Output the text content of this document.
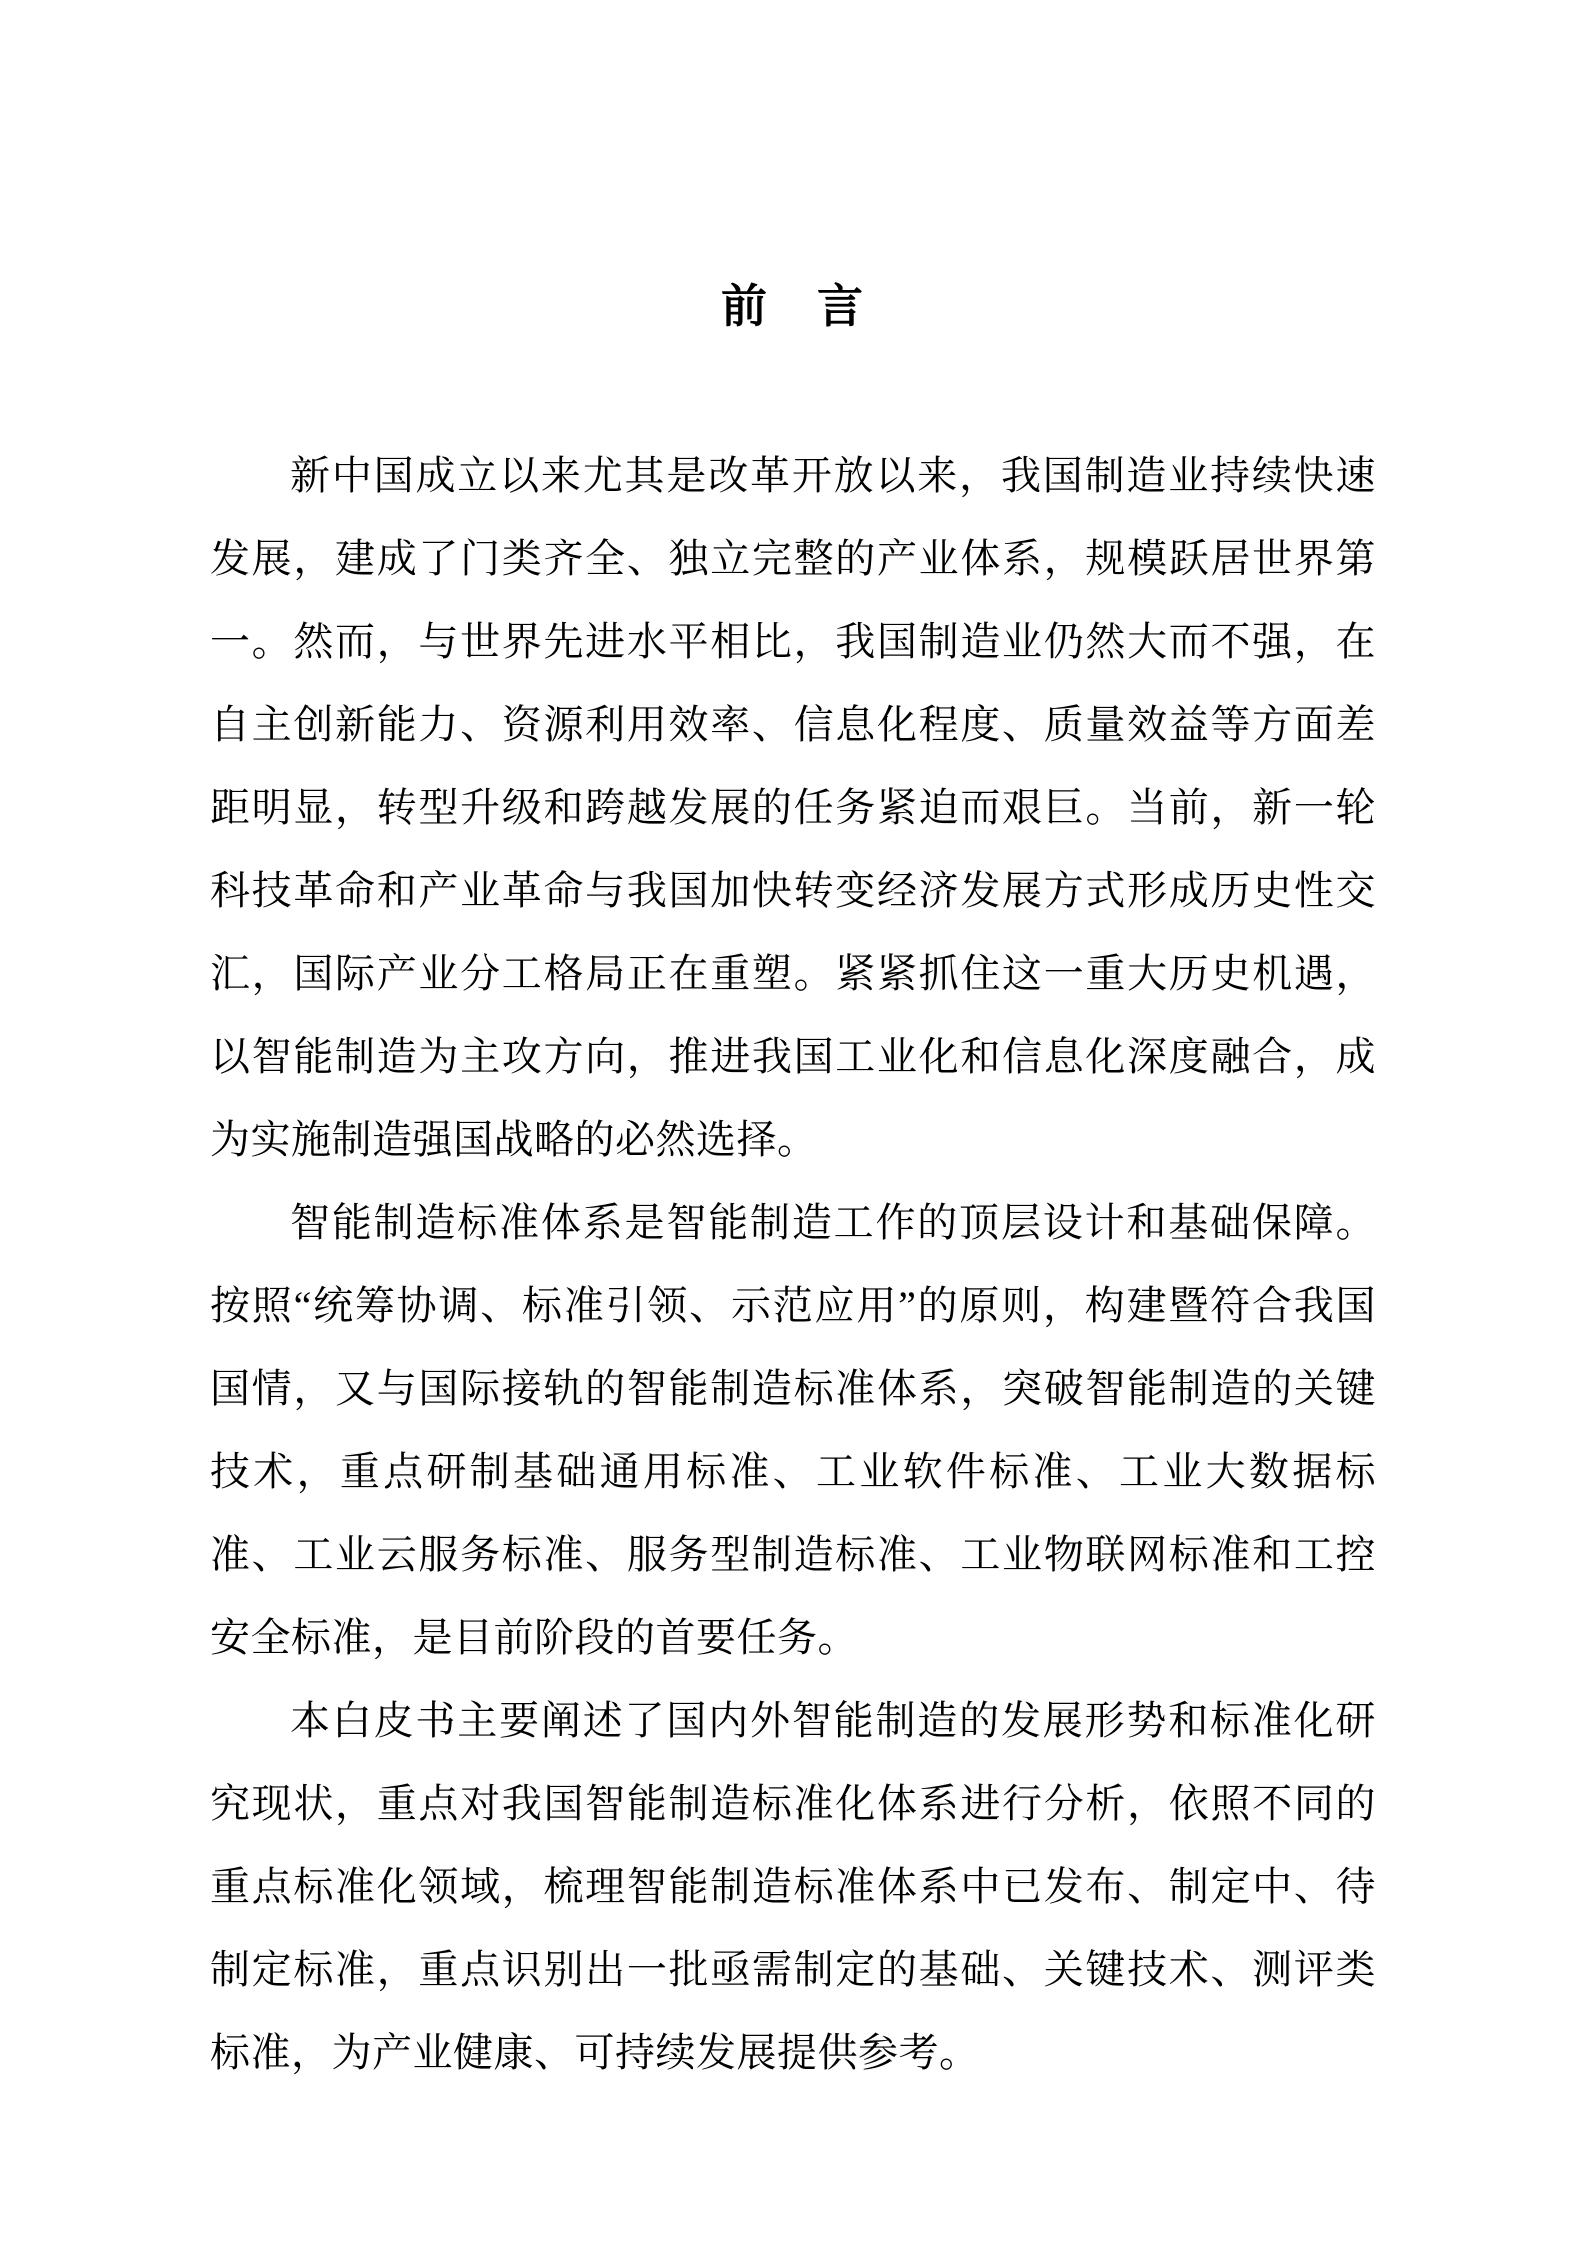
前　言

新中国成立以来尤其是改革开放以来，我国制造业持续快速发展，建成了门类齐全、独立完整的产业体系，规模跃居世界第一。然而，与世界先进水平相比，我国制造业仍然大而不强，在自主创新能力、资源利用效率、信息化程度、质量效益等方面差距明显，转型升级和跨越发展的任务紧迫而艰巨。当前，新一轮科技革命和产业革命与我国加快转变经济发展方式形成历史性交汇，国际产业分工格局正在重塑。紧紧抓住这一重大历史机遇，以智能制造为主攻方向，推进我国工业化和信息化深度融合，成为实施制造强国战略的必然选择。

智能制造标准体系是智能制造工作的顶层设计和基础保障。按照“统筹协调、标准引领、示范应用”的原则，构建暨符合我国国情，又与国际接轨的智能制造标准体系，突破智能制造的关键技术，重点研制基础通用标准、工业软件标准、工业大数据标准、工业云服务标准、服务型制造标准、工业物联网标准和工控安全标准，是目前阶段的首要任务。

本白皮书主要阐述了国内外智能制造的发展形势和标准化研究现状，重点对我国智能制造标准化体系进行分析，依照不同的重点标准化领域，梳理智能制造标准体系中已发布、制定中、待制定标准，重点识别出一批亟需制定的基础、关键技术、测评类标准，为产业健康、可持续发展提供参考。
